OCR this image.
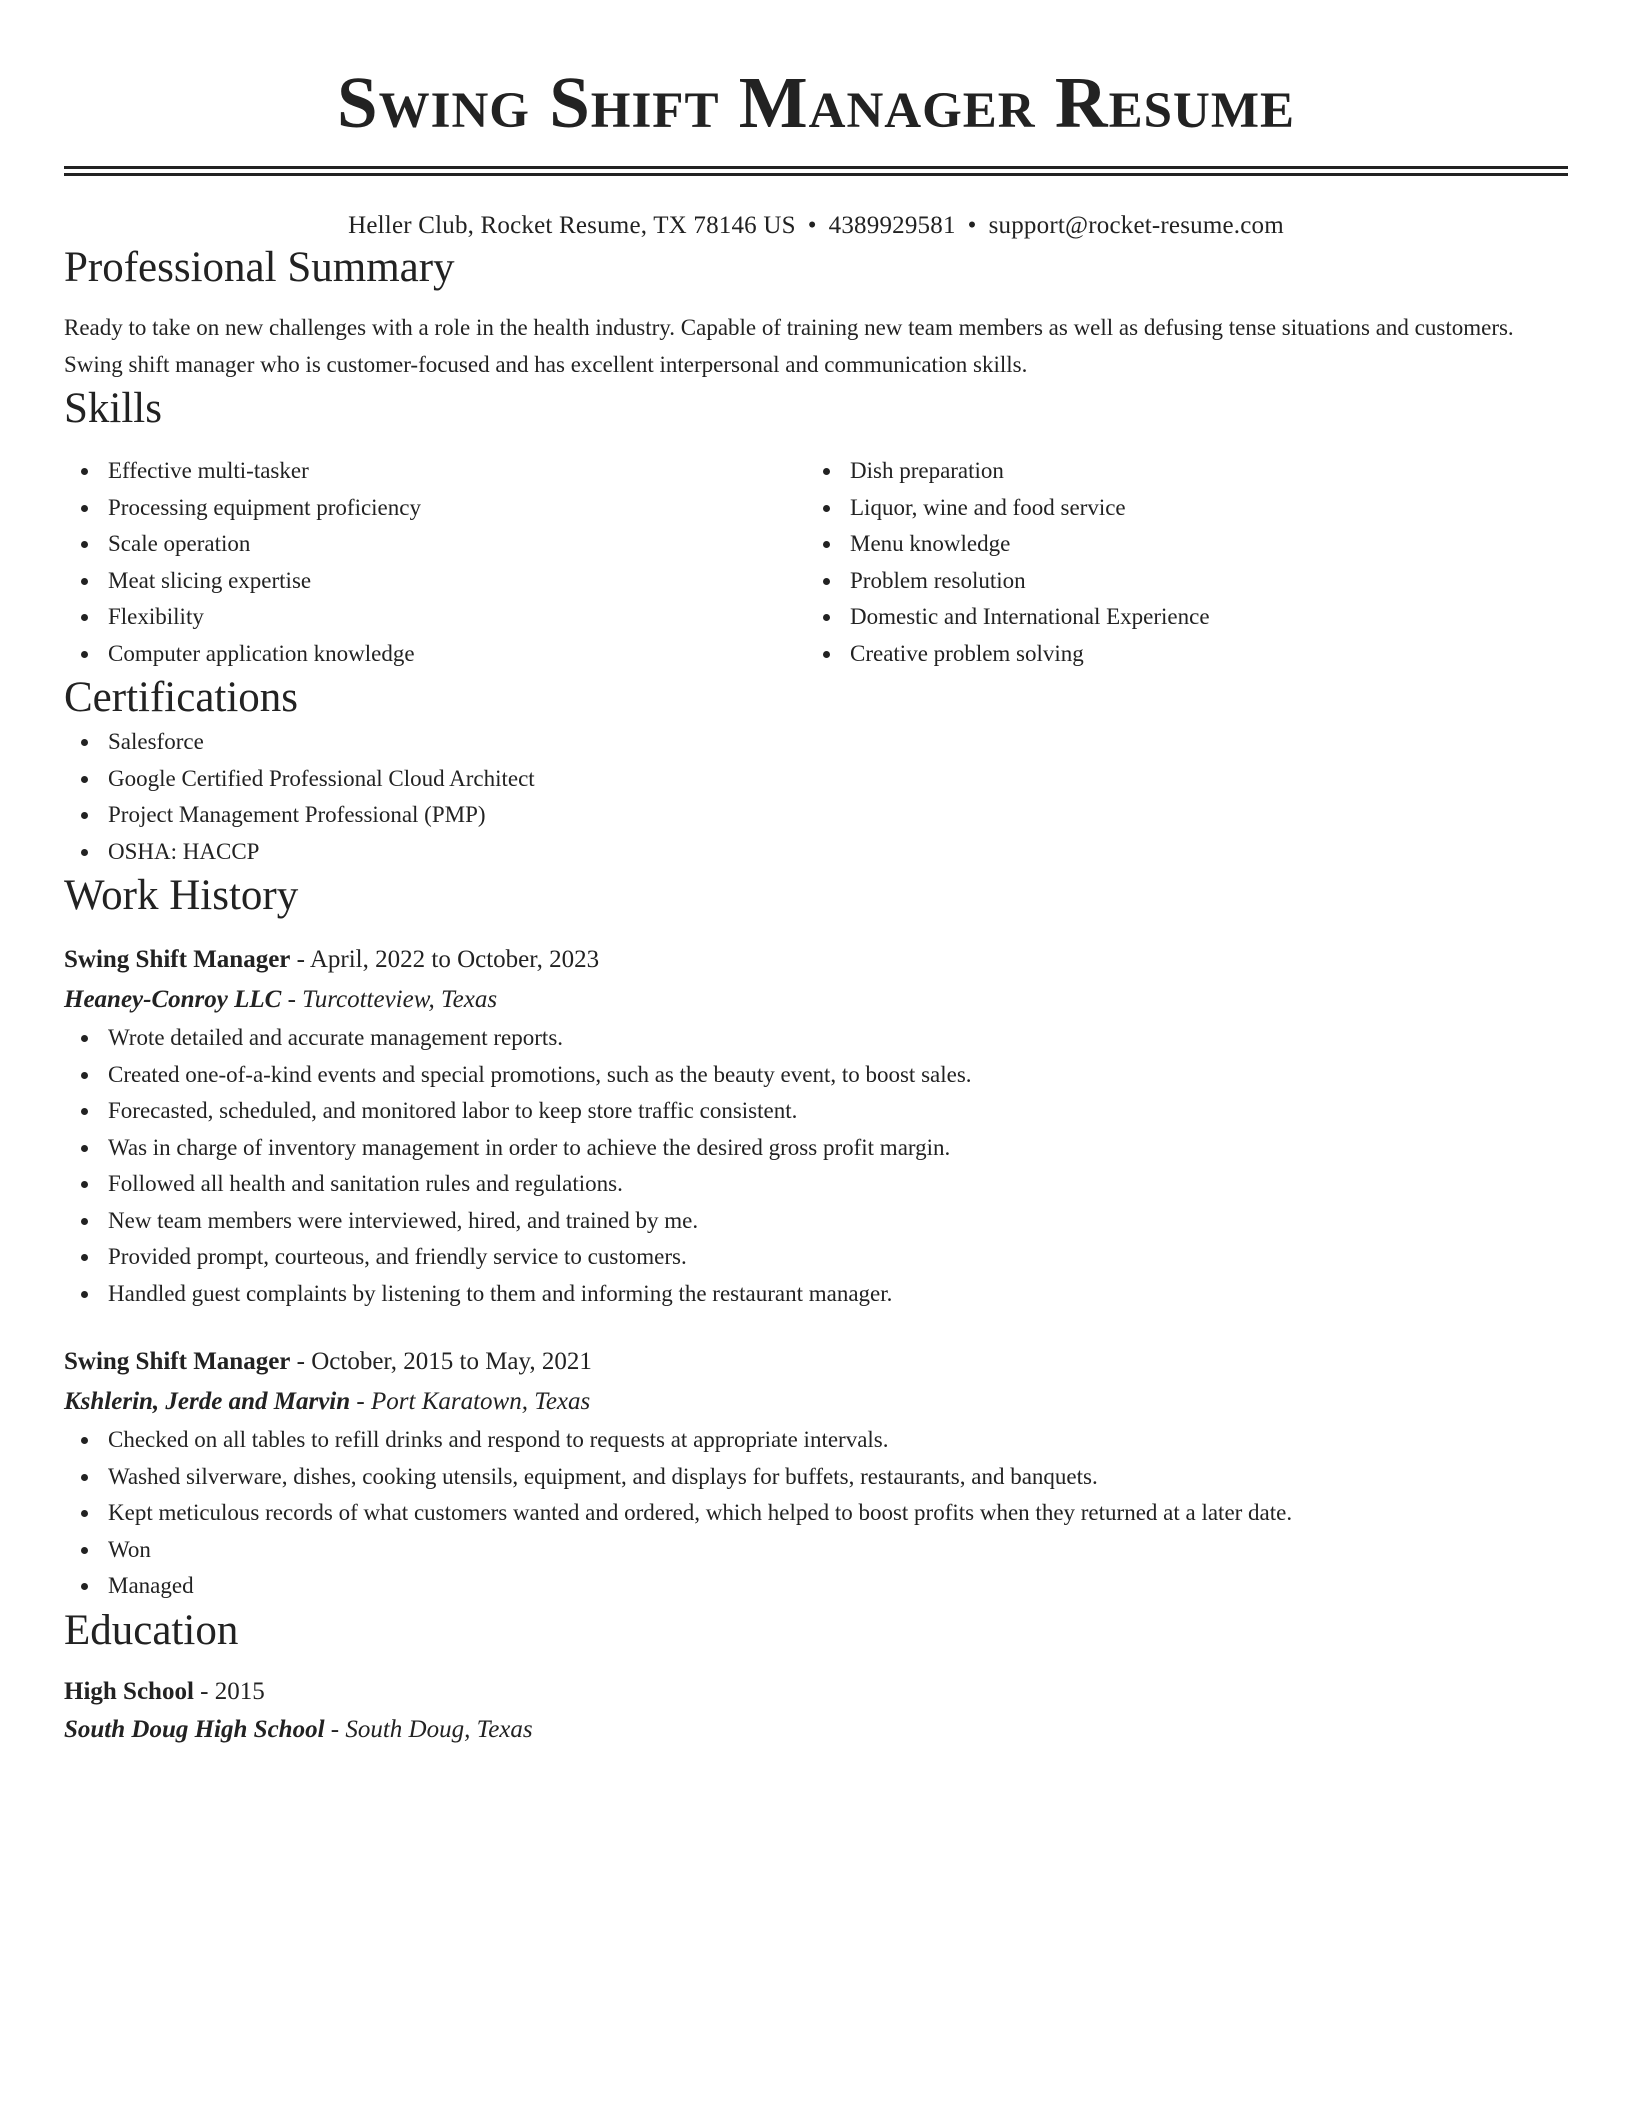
Swing Shift Manager Resume
Heller Club, Rocket Resume, TX 78146 US • 4389929581 • support@rocket-resume.com
Professional Summary
Ready to take on new challenges with a role in the health industry. Capable of training new team members as well as defusing tense situations and customers. Swing shift manager who is customer-focused and has excellent interpersonal and communication skills.
Skills
Effective multi-tasker
Processing equipment proficiency
Scale operation
Meat slicing expertise
Flexibility
Computer application knowledge
Dish preparation
Liquor, wine and food service
Menu knowledge
Problem resolution
Domestic and International Experience
Creative problem solving
Certifications
Salesforce
Google Certified Professional Cloud Architect
Project Management Professional (PMP)
OSHA: HACCP
Work History
Swing Shift Manager - April, 2022 to October, 2023
Heaney-Conroy LLC - Turcotteview, Texas
Wrote detailed and accurate management reports.
Created one-of-a-kind events and special promotions, such as the beauty event, to boost sales.
Forecasted, scheduled, and monitored labor to keep store traffic consistent.
Was in charge of inventory management in order to achieve the desired gross profit margin.
Followed all health and sanitation rules and regulations.
New team members were interviewed, hired, and trained by me.
Provided prompt, courteous, and friendly service to customers.
Handled guest complaints by listening to them and informing the restaurant manager.
Swing Shift Manager - October, 2015 to May, 2021
Kshlerin, Jerde and Marvin - Port Karatown, Texas
Checked on all tables to refill drinks and respond to requests at appropriate intervals.
Washed silverware, dishes, cooking utensils, equipment, and displays for buffets, restaurants, and banquets.
Kept meticulous records of what customers wanted and ordered, which helped to boost profits when they returned at a later date.
Won
Managed
Education
High School - 2015
South Doug High School - South Doug, Texas
